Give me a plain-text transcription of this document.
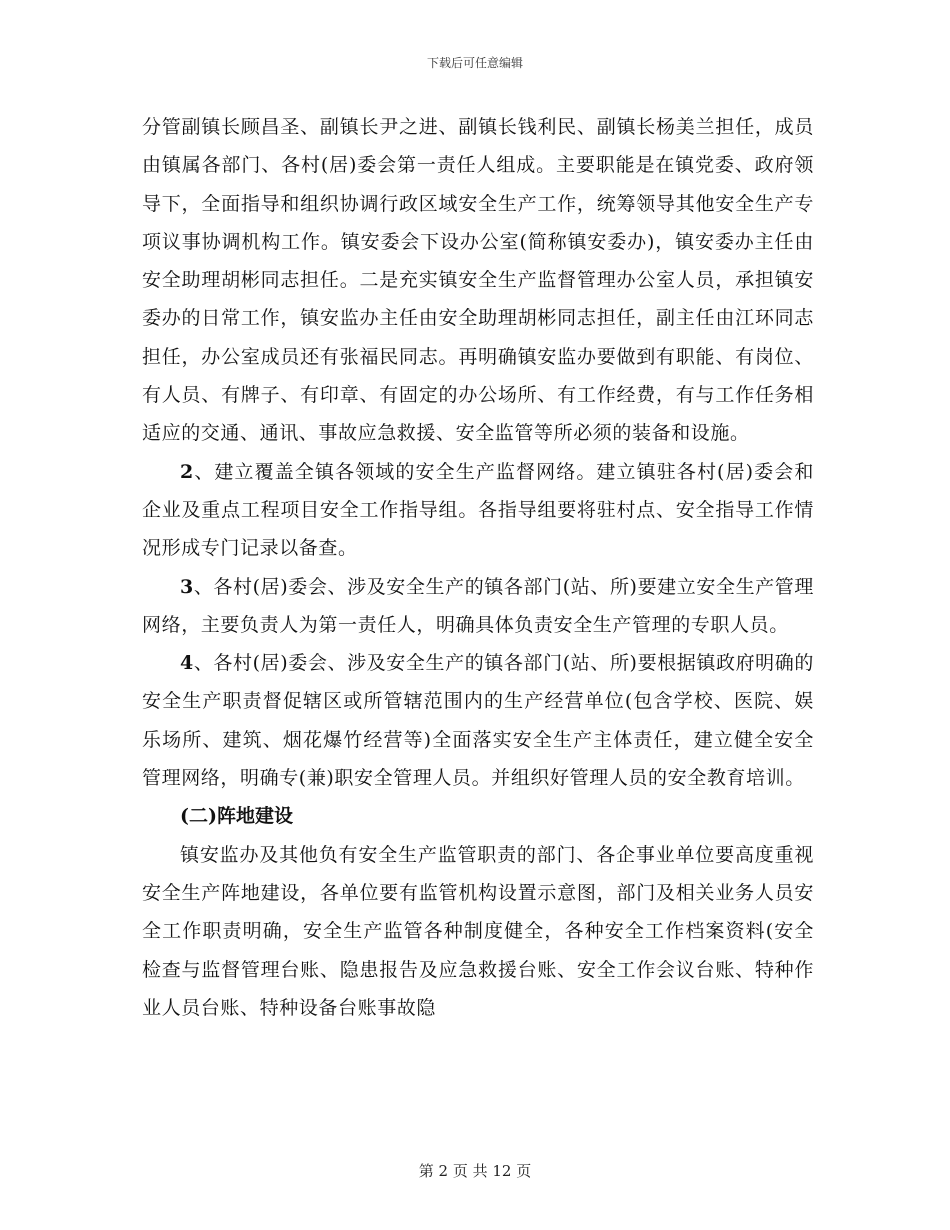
下载后可任意编辑

分管副镇长顾昌圣、副镇长尹之进、副镇长钱利民、副镇长杨美兰担任，成员由镇属各部门、各村(居)委会第一责任人组成。主要职能是在镇党委、政府领导下，全面指导和组织协调行政区域安全生产工作，统筹领导其他安全生产专项议事协调机构工作。镇安委会下设办公室(简称镇安委办)，镇安委办主任由安全助理胡彬同志担任。二是充实镇安全生产监督管理办公室人员，承担镇安委办的日常工作，镇安监办主任由安全助理胡彬同志担任，副主任由江环同志担任，办公室成员还有张福民同志。再明确镇安监办要做到有职能、有岗位、有人员、有牌子、有印章、有固定的办公场所、有工作经费，有与工作任务相适应的交通、通讯、事故应急救援、安全监管等所必须的装备和设施。

2、建立覆盖全镇各领域的安全生产监督网络。建立镇驻各村(居)委会和企业及重点工程项目安全工作指导组。各指导组要将驻村点、安全指导工作情况形成专门记录以备查。

3、各村(居)委会、涉及安全生产的镇各部门(站、所)要建立安全生产管理网络，主要负责人为第一责任人，明确具体负责安全生产管理的专职人员。

4、各村(居)委会、涉及安全生产的镇各部门(站、所)要根据镇政府明确的安全生产职责督促辖区或所管辖范围内的生产经营单位(包含学校、医院、娱乐场所、建筑、烟花爆竹经营等)全面落实安全生产主体责任，建立健全安全管理网络，明确专(兼)职安全管理人员。并组织好管理人员的安全教育培训。

(二)阵地建设

镇安监办及其他负有安全生产监管职责的部门、各企事业单位要高度重视安全生产阵地建设，各单位要有监管机构设置示意图，部门及相关业务人员安全工作职责明确，安全生产监管各种制度健全，各种安全工作档案资料(安全检查与监督管理台账、隐患报告及应急救援台账、安全工作会议台账、特种作业人员台账、特种设备台账事故隐

第 2 页 共 12 页
